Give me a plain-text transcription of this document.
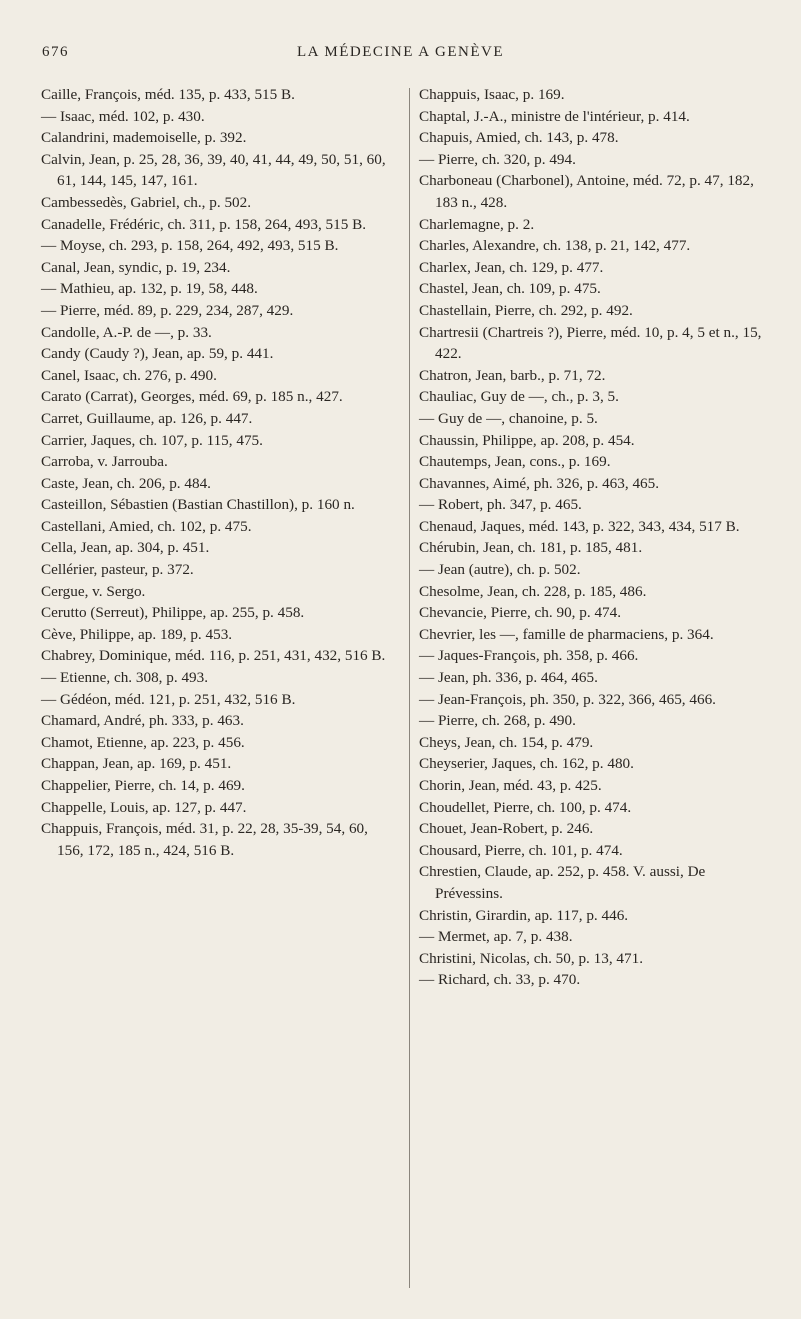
676	LA MÉDECINE A GENÈVE
Caille, François, méd. 135, p. 433, 515 B.
— Isaac, méd. 102, p. 430.
Calandrini, mademoiselle, p. 392.
Calvin, Jean, p. 25, 28, 36, 39, 40, 41, 44, 49, 50, 51, 60, 61, 144, 145, 147, 161.
Cambessedès, Gabriel, ch., p. 502.
Canadelle, Frédéric, ch. 311, p. 158, 264, 493, 515 B.
— Moyse, ch. 293, p. 158, 264, 492, 493, 515 B.
Canal, Jean, syndic, p. 19, 234.
— Mathieu, ap. 132, p. 19, 58, 448.
— Pierre, méd. 89, p. 229, 234, 287, 429.
Candolle, A.-P. de —, p. 33.
Candy (Caudy ?), Jean, ap. 59, p. 441.
Canel, Isaac, ch. 276, p. 490.
Carato (Carrat), Georges, méd. 69, p. 185 n., 427.
Carret, Guillaume, ap. 126, p. 447.
Carrier, Jaques, ch. 107, p. 115, 475.
Carroba, v. Jarrouba.
Caste, Jean, ch. 206, p. 484.
Casteillon, Sébastien (Bastian Chastillon), p. 160 n.
Castellani, Amied, ch. 102, p. 475.
Cella, Jean, ap. 304, p. 451.
Cellérier, pasteur, p. 372.
Cergue, v. Sergo.
Cerutto (Serreut), Philippe, ap. 255, p. 458.
Cève, Philippe, ap. 189, p. 453.
Chabrey, Dominique, méd. 116, p. 251, 431, 432, 516 B.
— Etienne, ch. 308, p. 493.
— Gédéon, méd. 121, p. 251, 432, 516 B.
Chamard, André, ph. 333, p. 463.
Chamot, Etienne, ap. 223, p. 456.
Chappan, Jean, ap. 169, p. 451.
Chappelier, Pierre, ch. 14, p. 469.
Chappelle, Louis, ap. 127, p. 447.
Chappuis, François, méd. 31, p. 22, 28, 35-39, 54, 60, 156, 172, 185 n., 424, 516 B.
Chappuis, Isaac, p. 169.
Chaptal, J.-A., ministre de l'intérieur, p. 414.
Chapuis, Amied, ch. 143, p. 478.
— Pierre, ch. 320, p. 494.
Charboneau (Charbonel), Antoine, méd. 72, p. 47, 182, 183 n., 428.
Charlemagne, p. 2.
Charles, Alexandre, ch. 138, p. 21, 142, 477.
Charlex, Jean, ch. 129, p. 477.
Chastel, Jean, ch. 109, p. 475.
Chastellain, Pierre, ch. 292, p. 492.
Chartresii (Chartreis ?), Pierre, méd. 10, p. 4, 5 et n., 15, 422.
Chatron, Jean, barb., p. 71, 72.
Chauliac, Guy de —, ch., p. 3, 5.
— Guy de —, chanoine, p. 5.
Chaussin, Philippe, ap. 208, p. 454.
Chautemps, Jean, cons., p. 169.
Chavannes, Aimé, ph. 326, p. 463, 465.
— Robert, ph. 347, p. 465.
Chenaud, Jaques, méd. 143, p. 322, 343, 434, 517 B.
Chérubin, Jean, ch. 181, p. 185, 481.
— Jean (autre), ch. p. 502.
Chesolme, Jean, ch. 228, p. 185, 486.
Chevancie, Pierre, ch. 90, p. 474.
Chevrier, les —, famille de pharmaciens, p. 364.
— Jaques-François, ph. 358, p. 466.
— Jean, ph. 336, p. 464, 465.
— Jean-François, ph. 350, p. 322, 366, 465, 466.
— Pierre, ch. 268, p. 490.
Cheys, Jean, ch. 154, p. 479.
Cheyserier, Jaques, ch. 162, p. 480.
Chorin, Jean, méd. 43, p. 425.
Choudellet, Pierre, ch. 100, p. 474.
Chouet, Jean-Robert, p. 246.
Chousard, Pierre, ch. 101, p. 474.
Chrestien, Claude, ap. 252, p. 458. V. aussi, De Prévessins.
Christin, Girardin, ap. 117, p. 446.
— Mermet, ap. 7, p. 438.
Christini, Nicolas, ch. 50, p. 13, 471.
— Richard, ch. 33, p. 470.
